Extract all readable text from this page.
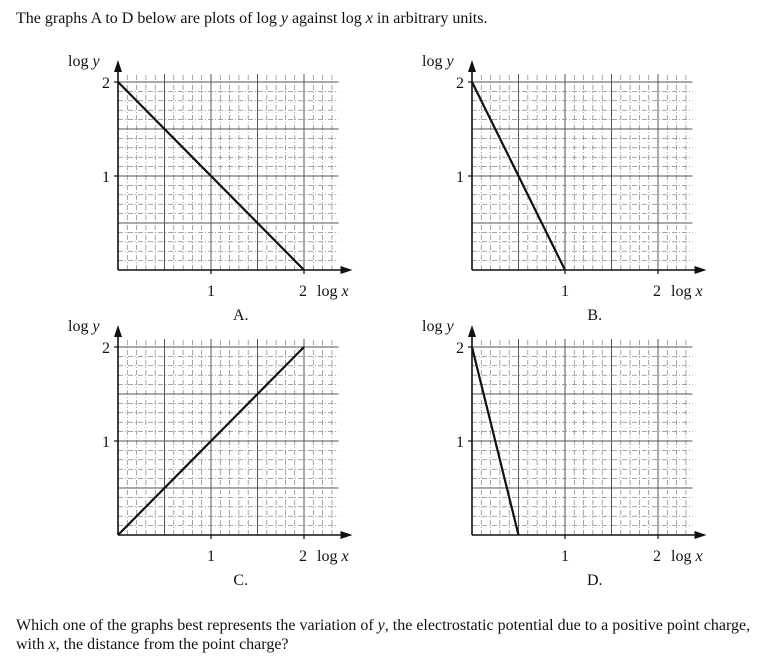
The graphs A to D below are plots of log y against log x in arbitrary units.
1	2 log x
1
2
log y
A.
1	2 log x
1
2
log y
B.
1	2 log x
1
2
log y
C.
1	2 log x
1
2
log y
D.
Which one of the graphs best represents the variation of y, the electrostatic potential due to a positive point charge, with x, the distance from the point charge?
